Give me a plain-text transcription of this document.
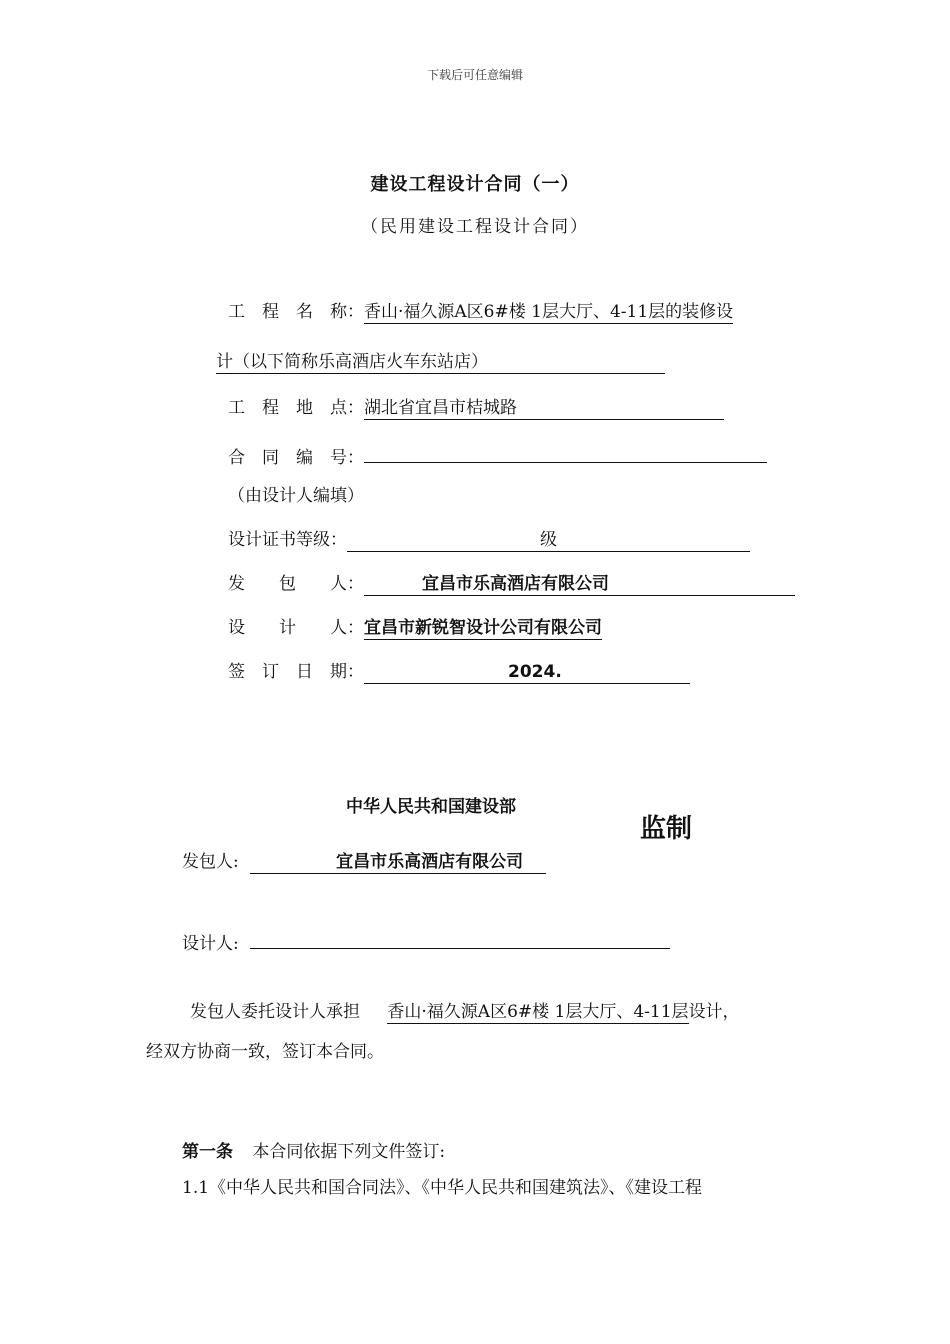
下载后可任意编辑
建设工程设计合同（一）
（民用建设工程设计合同）
工　程　名　称：香山·福久源A区6#楼 1层大厅、4-11层的装修设
计（以下简称乐高酒店火车东站店）
工　程　地　点：湖北省宜昌市桔城路
合　同　编　号：
（由设计人编填）
设计证书等级：	级
发　　包　　人：	宜昌市乐高酒店有限公司
设　　计　　人：宜昌市新锐智设计公司有限公司
签　订　日　期：	2024.
中华人民共和国建设部
监制
发包人:	宜昌市乐高酒店有限公司
设计人:
发包人委托设计人承担 香山·福久源A区6#楼 1层大厅、4-11层设计，
经双方协商一致，签订本合同。
第一条 本合同依据下列文件签订:
1.1《中华人民共和国合同法》、《中华人民共和国建筑法》、《建设工程
